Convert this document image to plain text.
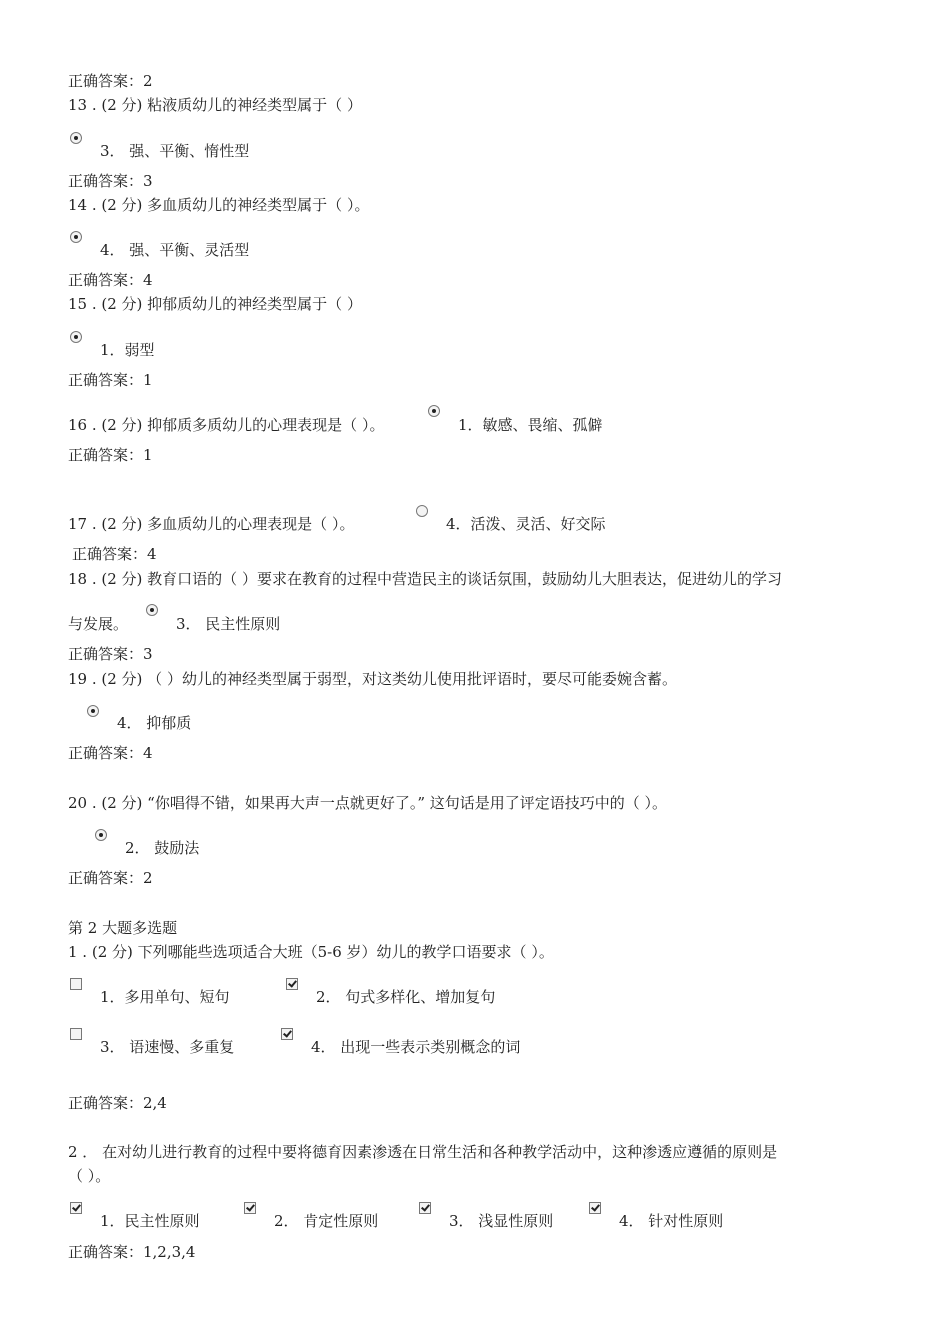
正确答案：2
13 . (2 分) 粘液质幼儿的神经类型属于（ ）
3． 强、平衡、惰性型
正确答案：3
14 . (2 分) 多血质幼儿的神经类型属于（ ）。
4． 强、平衡、灵活型
正确答案：4
15 . (2 分) 抑郁质幼儿的神经类型属于（ ）
1．弱型
正确答案：1
16 . (2 分) 抑郁质多质幼儿的心理表现是（ ）。	1．敏感、畏缩、孤僻
正确答案：1
17 . (2 分) 多血质幼儿的心理表现是（ ）。	4．活泼、灵活、好交际
正确答案：4
18 . (2 分) 教育口语的（ ）要求在教育的过程中营造民主的谈话氛围，鼓励幼儿大胆表达，促进幼儿的学习
与发展。	3． 民主性原则
正确答案：3
19 . (2 分) （ ）幼儿的神经类型属于弱型，对这类幼儿使用批评语时，要尽可能委婉含蓄。
4． 抑郁质
正确答案：4
20 . (2 分) “你唱得不错，如果再大声一点就更好了。” 这句话是用了评定语技巧中的（ ）。
2． 鼓励法
正确答案：2
第 2 大题多选题
1 . (2 分) 下列哪能些选项适合大班（5-6 岁）幼儿的教学口语要求（ ）。
1．多用单句、短句	2． 句式多样化、增加复句
3． 语速慢、多重复	4． 出现一些表示类别概念的词
正确答案：2,4
2 ． 在对幼儿进行教育的过程中要将德育因素渗透在日常生活和各种教学活动中，这种渗透应遵循的原则是
（ ）。
1．民主性原则	2． 肯定性原则	3． 浅显性原则	4． 针对性原则
正确答案：1,2,3,4
